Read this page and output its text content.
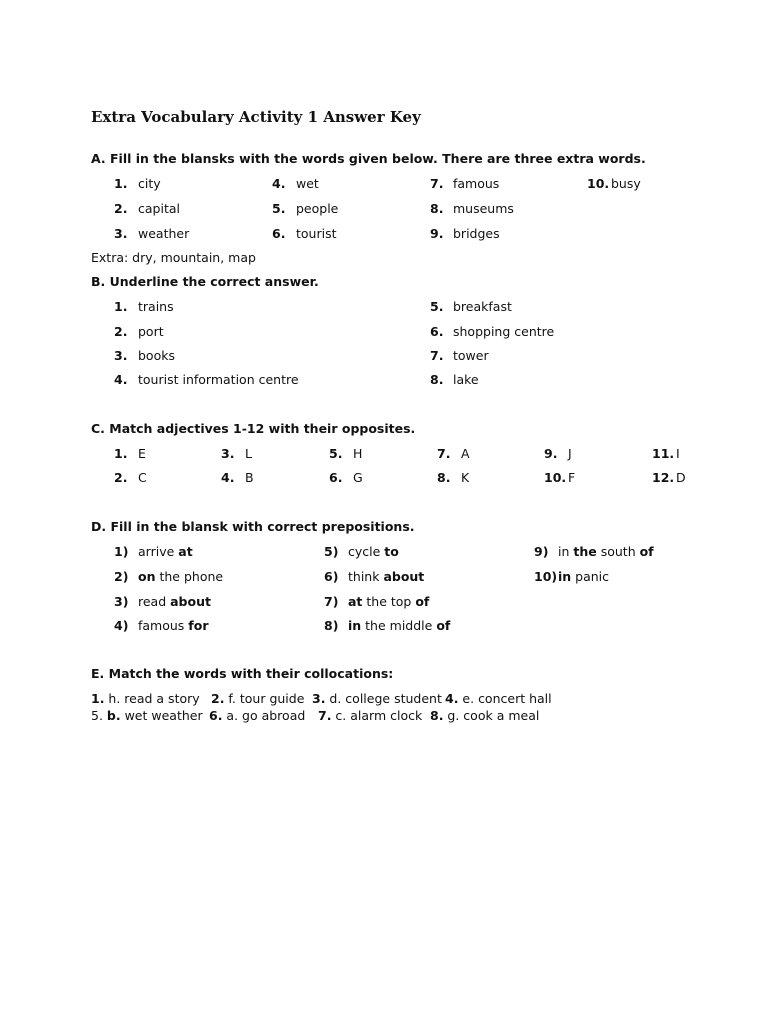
Extra Vocabulary Activity 1 Answer Key
A. Fill in the blansks with the words given below. There are three extra words.
1. city
2. capital
3. weather
4. wet
5. people
6. tourist
7. famous
8. museums
9. bridges
10. busy
Extra: dry, mountain, map
B. Underline the correct answer.
1. trains
2. port
3. books
4. tourist information centre
5. breakfast
6. shopping centre
7. tower
8. lake
C. Match adjectives 1-12 with their opposites.
1. E
2. C
3. L
4. B
5. H
6. G
7. A
8. K
9. J
10. F
11. I
12. D
D. Fill in the blansk with correct prepositions.
1) arrive at
2) on the phone
3) read about
4) famous for
5) cycle to
6) think about
7) at the top of
8) in the middle of
9) in the south of
10) in panic
E. Match the words with their collocations:
1. h. read a story 2. f. tour guide 3. d. college student 4. e. concert hall
5. b. wet weather 6. a. go abroad 7. c. alarm clock 8. g. cook a meal
